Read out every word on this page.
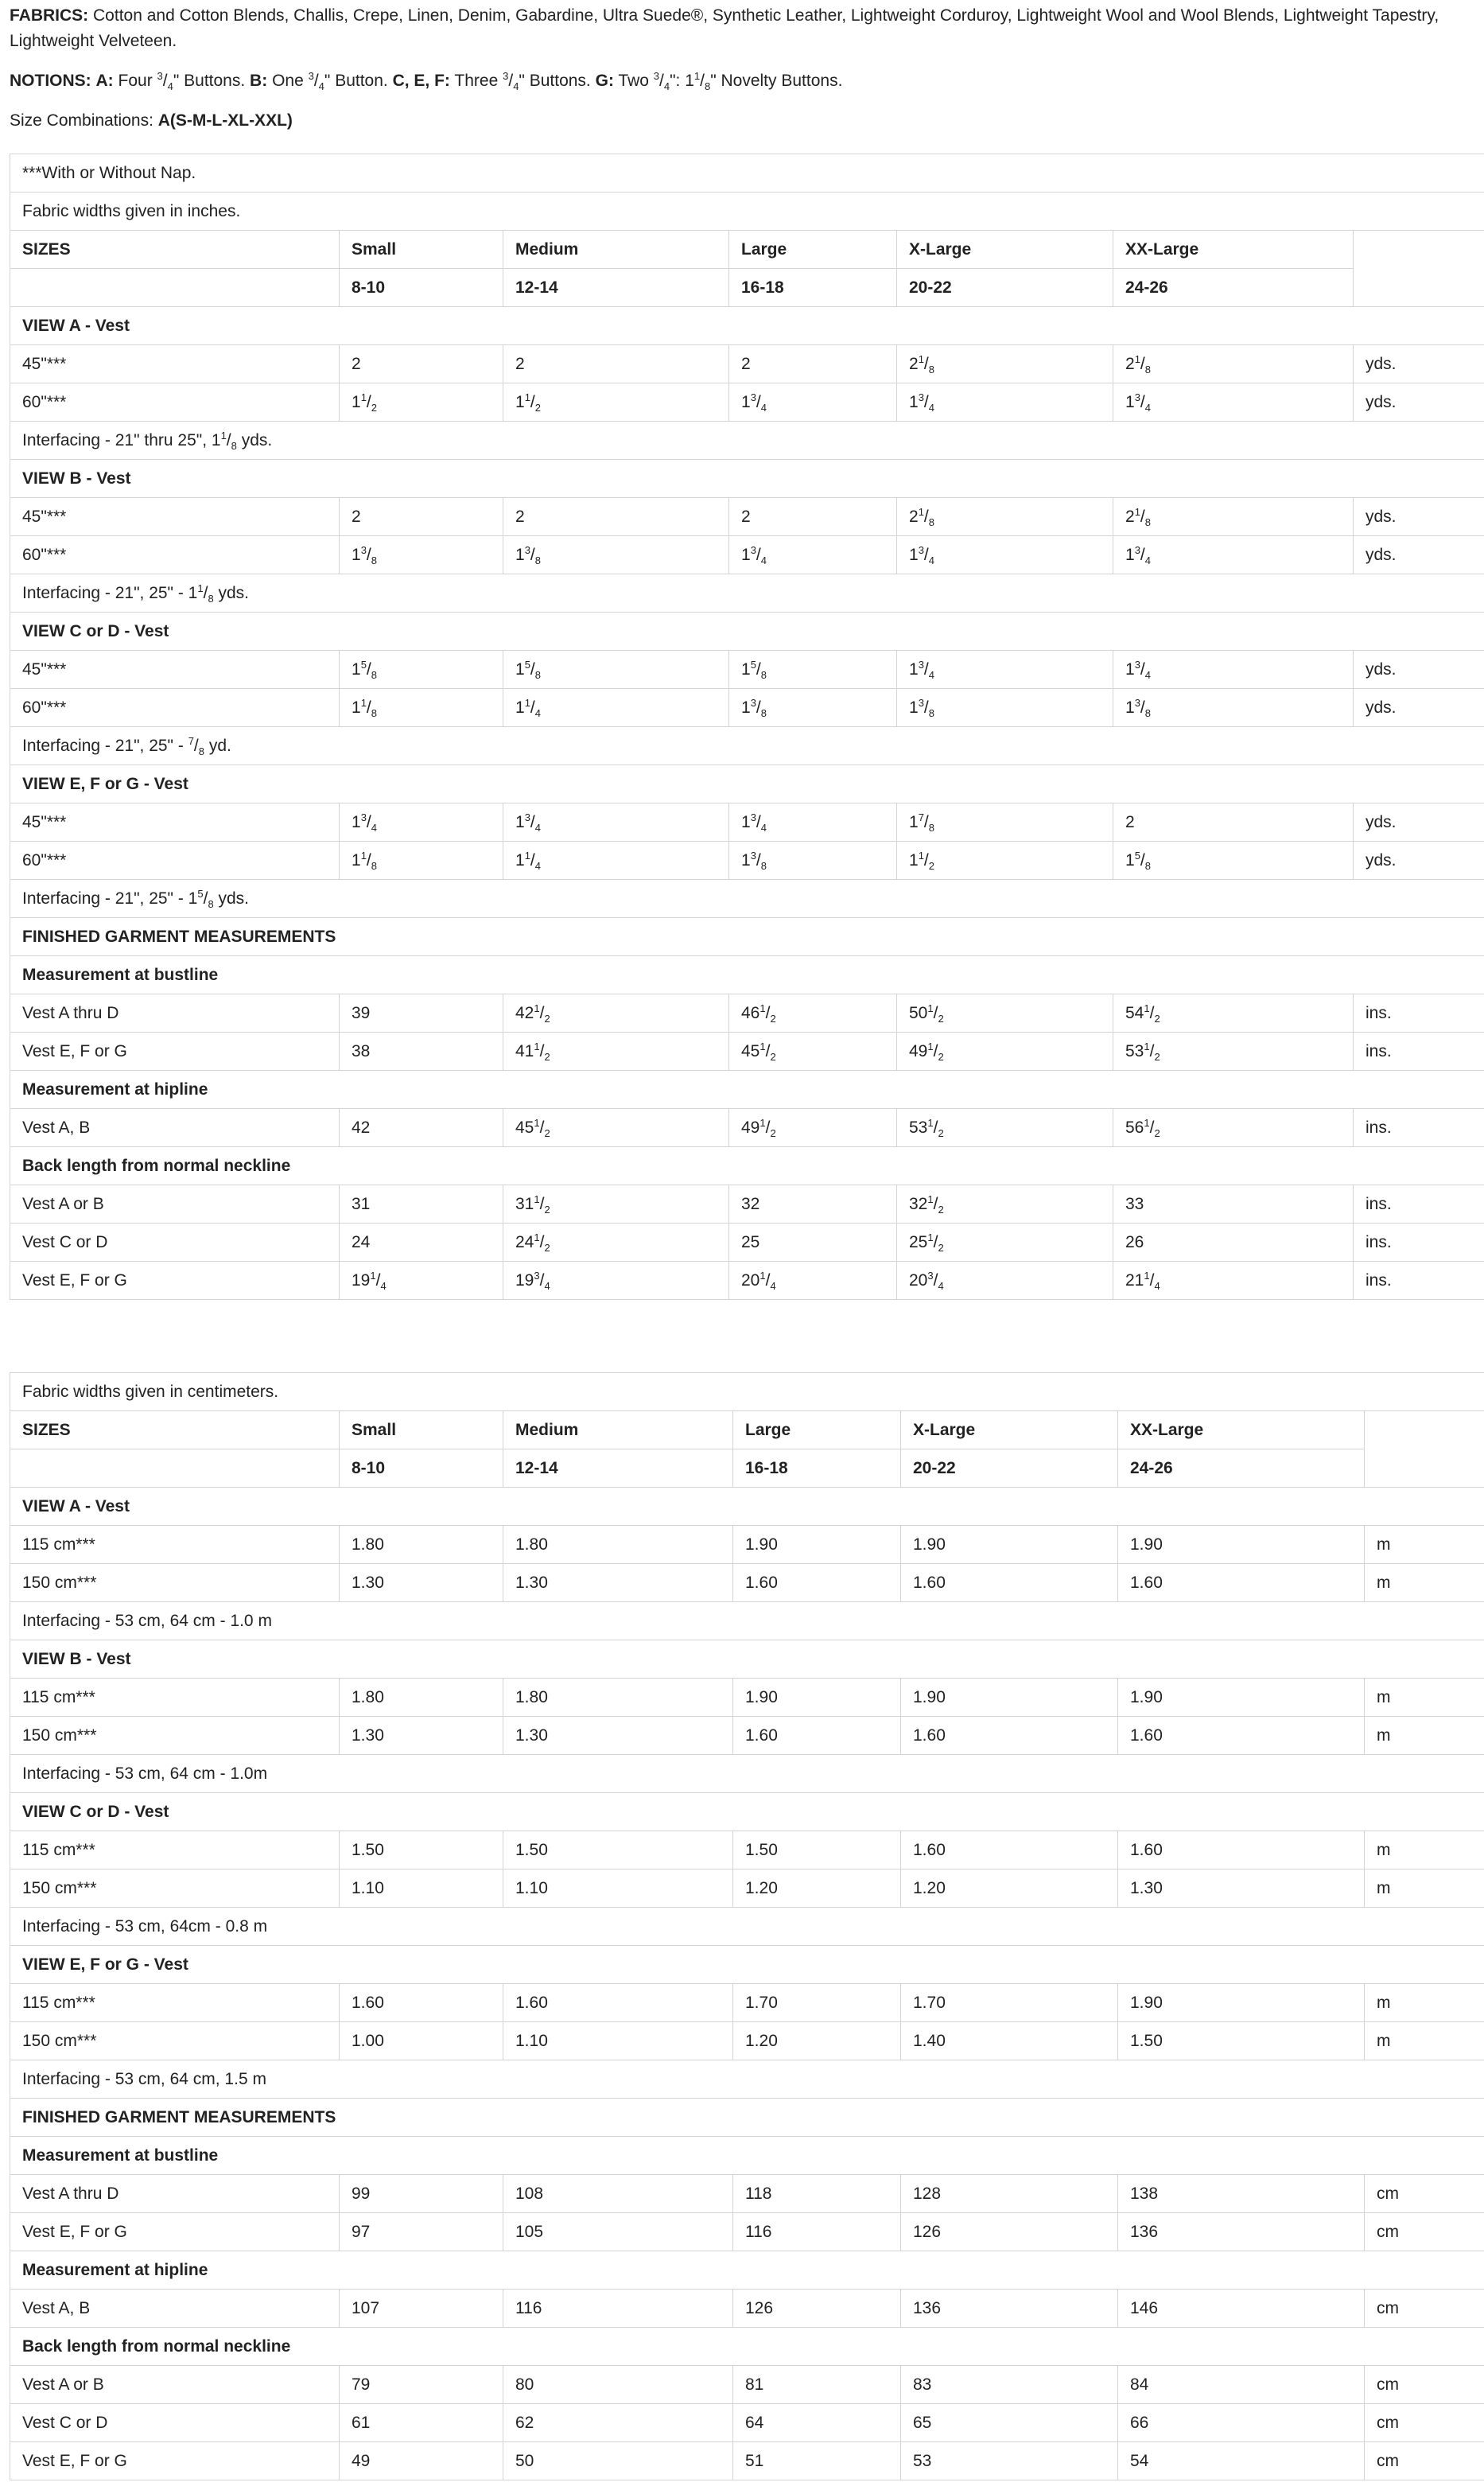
FABRICS: Cotton and Cotton Blends, Challis, Crepe, Linen, Denim, Gabardine, Ultra Suede®, Synthetic Leather, Lightweight Corduroy, Lightweight Wool and Wool Blends, Lightweight Tapestry, Lightweight Velveteen.

NOTIONS: A: Four $^3/_4$" Buttons. B: One $^3/_4$" Button. C, E, F: Three $^3/_4$" Buttons. G: Two $^3/_4$": $1^1/_8$" Novelty Buttons.

Size Combinations: A(S-M-L-XL-XXL)

***With or Without Nap.						
Fabric widths given in inches.						
SIZES	Small	Medium	Large	X-Large	XX-Large	
	8-10	12-14	16-18	20-22	24-26	
VIEW A - Vest						
45"***	2	2	2	$2^1/_8$	$2^1/_8$	yds.
60"***	$1^1/_2$	$1^1/_2$	$1^3/_4$	$1^3/_4$	$1^3/_4$	yds.
Interfacing - 21" thru 25", $1^1/_8$ yds.						
VIEW B - Vest						
45"***	2	2	2	$2^1/_8$	$2^1/_8$	yds.
60"***	$1^3/_8$	$1^3/_8$	$1^3/_4$	$1^3/_4$	$1^3/_4$	yds.
Interfacing - 21", 25" - $1^1/_8$ yds.						
VIEW C or D - Vest						
45"***	$1^5/_8$	$1^5/_8$	$1^5/_8$	$1^3/_4$	$1^3/_4$	yds.
60"***	$1^1/_8$	$1^1/_4$	$1^3/_8$	$1^3/_8$	$1^3/_8$	yds.
Interfacing - 21", 25" - $^7/_8$ yd.						
VIEW E, F or G - Vest						
45"***	$1^3/_4$	$1^3/_4$	$1^3/_4$	$1^7/_8$	2	yds.
60"***	$1^1/_8$	$1^1/_4$	$1^3/_8$	$1^1/_2$	$1^5/_8$	yds.
Interfacing - 21", 25" - $1^5/_8$ yds.						
FINISHED GARMENT MEASUREMENTS						
Measurement at bustline						
Vest A thru D	39	$42^1/_2$	$46^1/_2$	$50^1/_2$	$54^1/_2$	ins.
Vest E, F or G	38	$41^1/_2$	$45^1/_2$	$49^1/_2$	$53^1/_2$	ins.
Measurement at hipline						
Vest A, B	42	$45^1/_2$	$49^1/_2$	$53^1/_2$	$56^1/_2$	ins.
Back length from normal neckline						
Vest A or B	31	$31^1/_2$	32	$32^1/_2$	33	ins.
Vest C or D	24	$24^1/_2$	25	$25^1/_2$	26	ins.
Vest E, F or G	$19^1/_4$	$19^3/_4$	$20^1/_4$	$20^3/_4$	$21^1/_4$	ins.
Fabric widths given in centimeters.						
SIZES	Small	Medium	Large	X-Large	XX-Large	
	8-10	12-14	16-18	20-22	24-26	
VIEW A - Vest						
115 cm***	1.80	1.80	1.90	1.90	1.90	m
150 cm***	1.30	1.30	1.60	1.60	1.60	m
Interfacing - 53 cm, 64 cm - 1.0 m						
VIEW B - Vest						
115 cm***	1.80	1.80	1.90	1.90	1.90	m
150 cm***	1.30	1.30	1.60	1.60	1.60	m
Interfacing - 53 cm, 64 cm - 1.0m						
VIEW C or D - Vest						
115 cm***	1.50	1.50	1.50	1.60	1.60	m
150 cm***	1.10	1.10	1.20	1.20	1.30	m
Interfacing - 53 cm, 64cm - 0.8 m						
VIEW E, F or G - Vest						
115 cm***	1.60	1.60	1.70	1.70	1.90	m
150 cm***	1.00	1.10	1.20	1.40	1.50	m
Interfacing - 53 cm, 64 cm, 1.5 m						
FINISHED GARMENT MEASUREMENTS						
Measurement at bustline						
Vest A thru D	99	108	118	128	138	cm
Vest E, F or G	97	105	116	126	136	cm
Measurement at hipline						
Vest A, B	107	116	126	136	146	cm
Back length from normal neckline						
Vest A or B	79	80	81	83	84	cm
Vest C or D	61	62	64	65	66	cm
Vest E, F or G	49	50	51	53	54	cm
